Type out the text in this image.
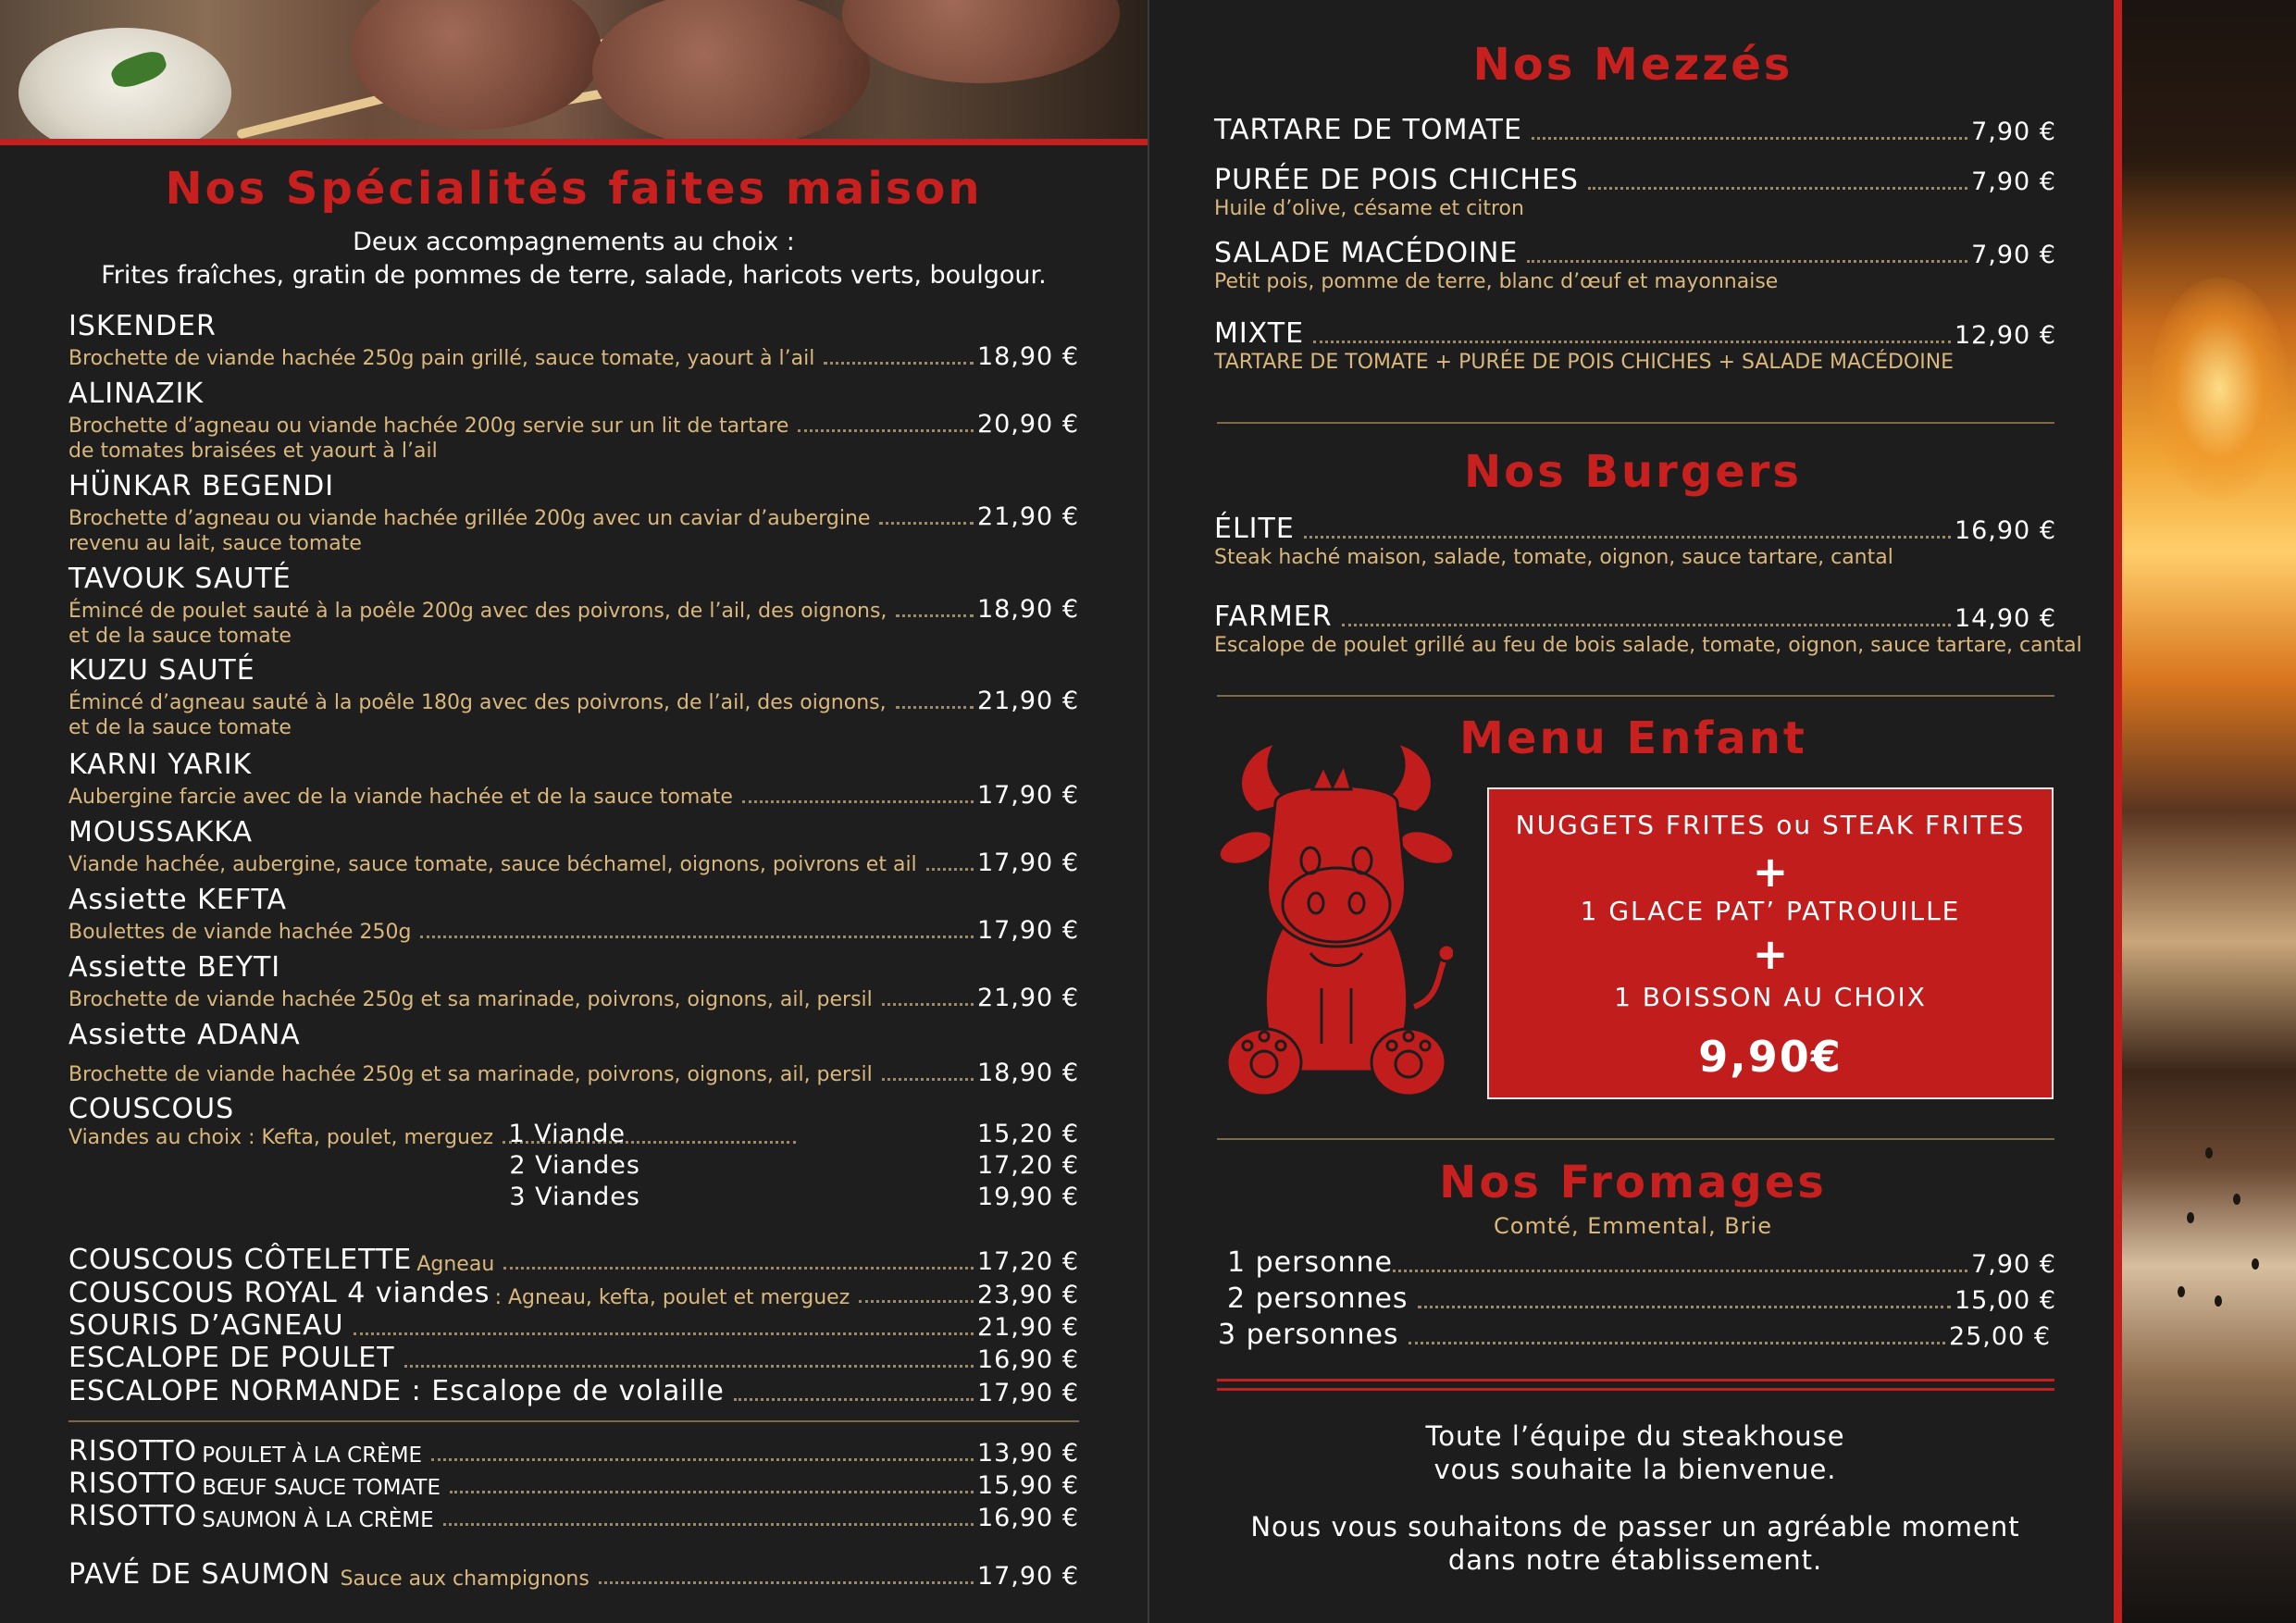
Nos Spécialités faites maison
Deux accompagnements au choix :
Frites fraîches, gratin de pommes de terre, salade, haricots verts, boulgour.
ISKENDER
Brochette de viande hachée 250g pain grillé, sauce tomate, yaourt à l’ail	18,90 €
ALINAZIK
Brochette d’agneau ou viande hachée 200g servie sur un lit de tartare	20,90 €
de tomates braisées et yaourt à l’ail
HÜNKAR BEGENDI
Brochette d’agneau ou viande hachée grillée 200g avec un caviar d’aubergine	21,90 €
revenu au lait, sauce tomate
TAVOUK SAUTÉ
Émincé de poulet sauté à la poêle 200g avec des poivrons, de l’ail, des oignons,	18,90 €
et de la sauce tomate
KUZU SAUTÉ
Émincé d’agneau sauté à la poêle 180g avec des poivrons, de l’ail, des oignons,	21,90 €
et de la sauce tomate
KARNI YARIK
Aubergine farcie avec de la viande hachée et de la sauce tomate	17,90 €
MOUSSAKKA
Viande hachée, aubergine, sauce tomate, sauce béchamel, oignons, poivrons et ail 17,90 €
Assiette KEFTA
Boulettes de viande hachée 250g	17,90 €
Assiette BEYTI
Brochette de viande hachée 250g et sa marinade, poivrons, oignons, ail, persil	21,90 €
Assiette ADANA
Brochette de viande hachée 250g et sa marinade, poivrons, oignons, ail, persil	18,90 €
COUSCOUS
Viandes au choix : Kefta, poulet, merguez 1 Viande	15,20 €
2 Viandes	17,20 €
3 Viandes	19,90 €
COUSCOUS CÔTELETTE
Agneau	17,20 €
COUSCOUS ROYAL 4 viandes
: Agneau, kefta, poulet et merguez	23,90 €
SOURIS D’AGNEAU	21,90 €
ESCALOPE DE POULET	16,90 €
ESCALOPE NORMANDE : Escalope de volaille	17,90 €
RISOTTO
POULET À LA CRÈME	13,90 €
RISOTTO
BŒUF SAUCE TOMATE	15,90 €
RISOTTO
SAUMON À LA CRÈME	16,90 €
PAVÉ DE SAUMON
Sauce aux champignons	17,90 €
Nos Mezzés
TARTARE DE TOMATE	7,90 €
PURÉE DE POIS CHICHES	7,90 €
Huile d’olive, césame et citron
SALADE MACÉDOINE	7,90 €
Petit pois, pomme de terre, blanc d’œuf et mayonnaise
MIXTE	12,90 €
TARTARE DE TOMATE + PURÉE DE POIS CHICHES + SALADE MACÉDOINE
Nos Burgers
ÉLITE	16,90 €
Steak haché maison, salade, tomate, oignon, sauce tartare, cantal
FARMER	14,90 €
Escalope de poulet grillé au feu de bois salade, tomate, oignon, sauce tartare, cantal
Menu Enfant
NUGGETS FRITES ou STEAK FRITES
+
1 GLACE PAT’ PATROUILLE
+
1 BOISSON AU CHOIX
9,90€
Nos Fromages
Comté, Emmental, Brie
1 personne	7,90 €
2 personnes	15,00 €
3 personnes	25,00 €
Toute l’équipe du steakhouse
vous souhaite la bienvenue.
Nous vous souhaitons de passer un agréable moment
dans notre établissement.
